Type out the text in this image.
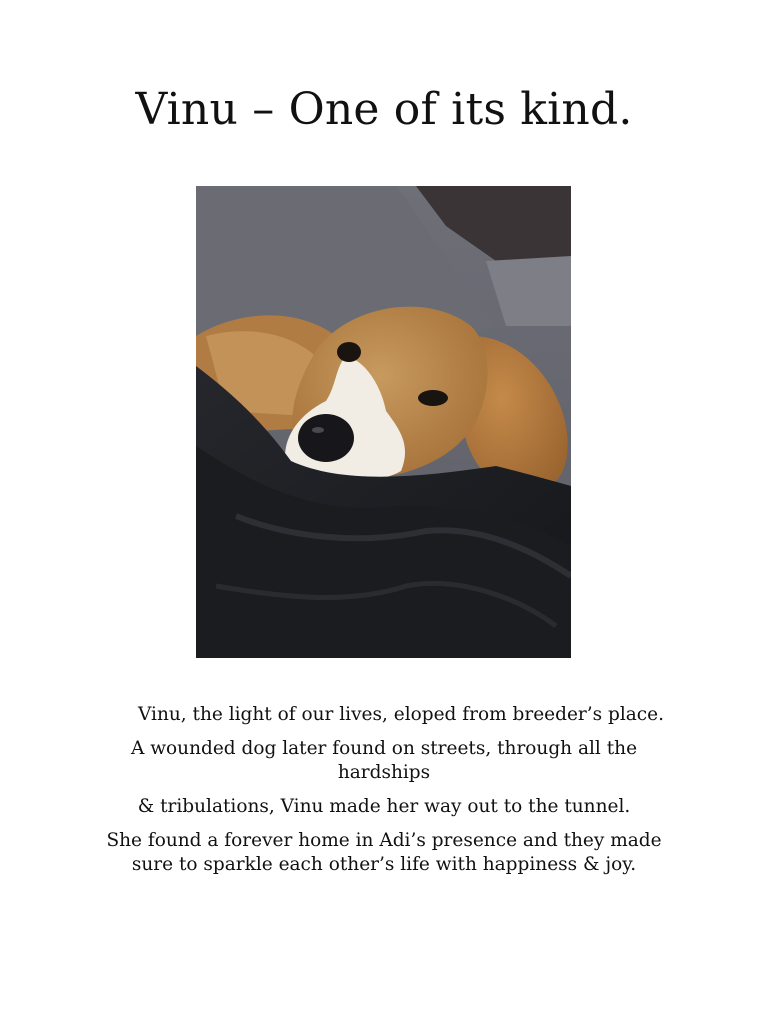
Vinu – One of its kind.

Vinu, the light of our lives, eloped from breeder’s place.

A wounded dog later found on streets, through all the hardships

& tribulations, Vinu made her way out to the tunnel.

She found a forever home in Adi’s presence and they made sure to sparkle each other’s life with happiness & joy.
